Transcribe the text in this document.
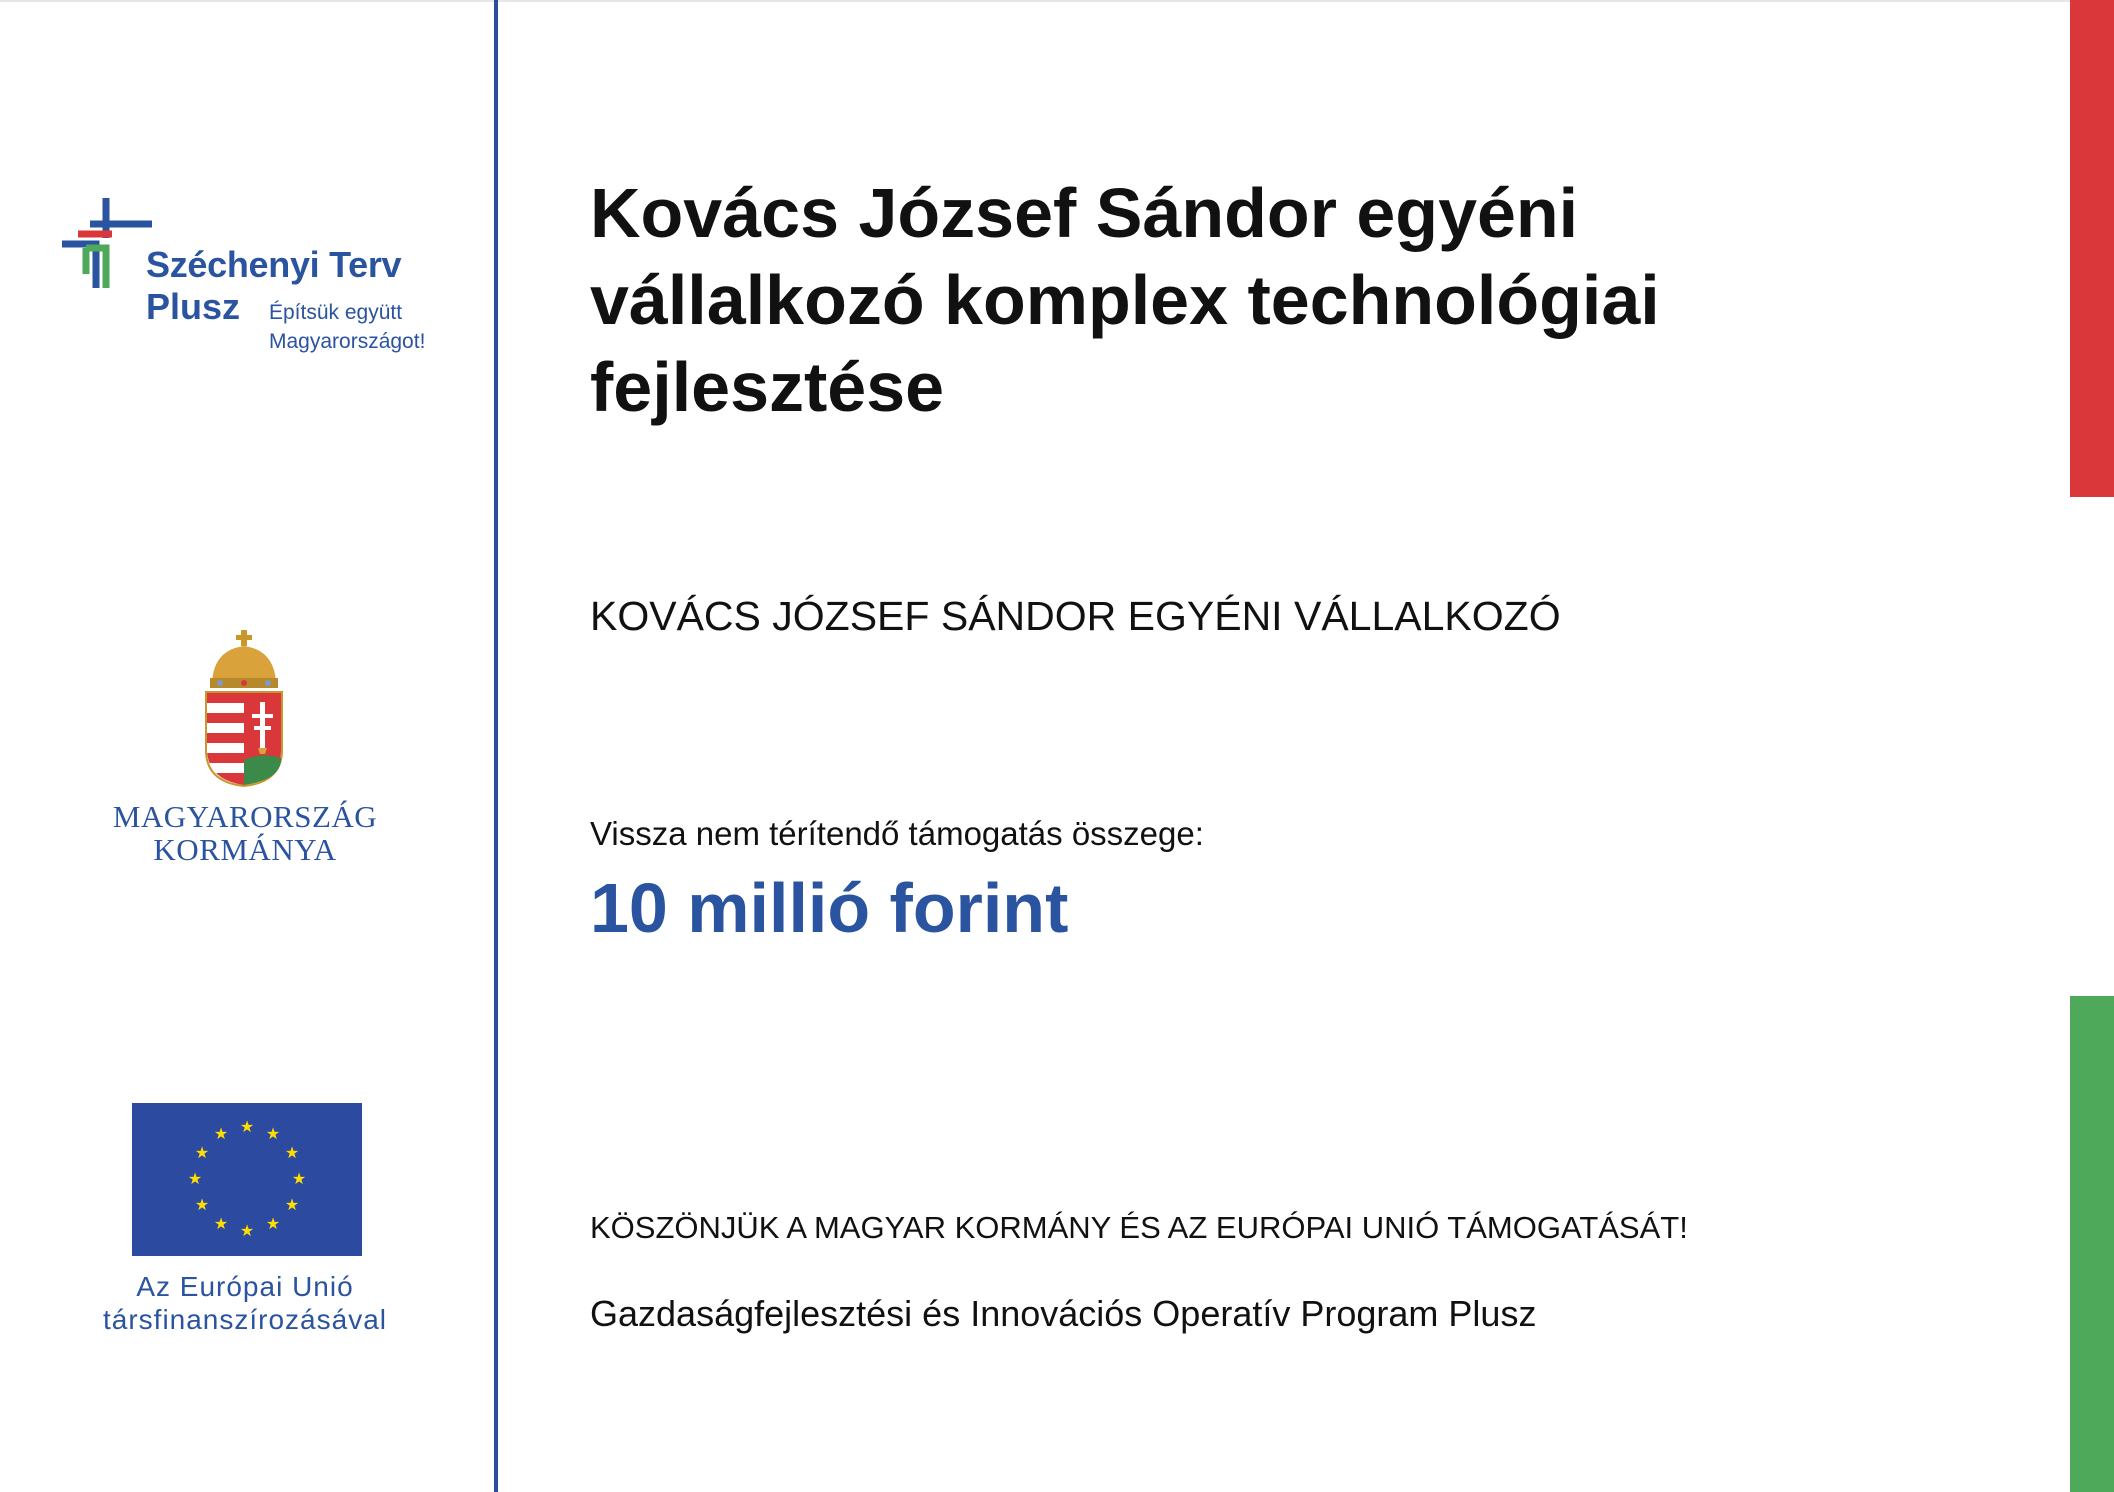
Széchenyi Terv
Plusz Építsük együtt
Magyarországot!
MAGYARORSZÁG
KORMÁNYA
★ ★
★
★
★
★
★
★
★
★
★
★
Az Európai Unió
társfinanszírozásával
Kovács József Sándor egyéni vállalkozó komplex technológiai fejlesztése
KOVÁCS JÓZSEF SÁNDOR EGYÉNI VÁLLALKOZÓ
Vissza nem térítendő támogatás összege:
10 millió forint
KÖSZÖNJÜK A MAGYAR KORMÁNY ÉS AZ EURÓPAI UNIÓ TÁMOGATÁSÁT!
Gazdaságfejlesztési és Innovációs Operatív Program Plusz
